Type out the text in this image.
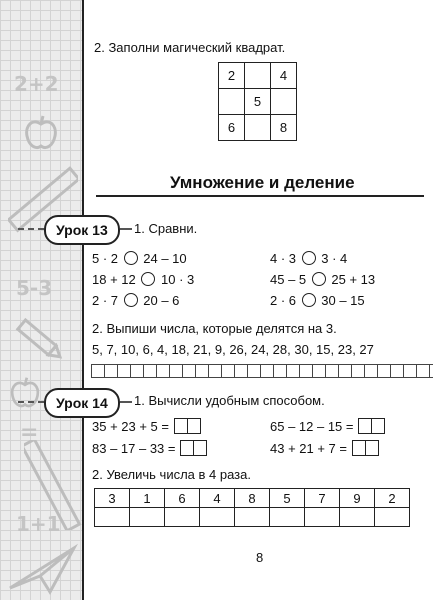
2+2
5-3
=
1+1
2. Заполни магический квадрат.
2		4
	5	
6		8
Умножение и деление
Урок 13	1. Сравни.
5 · 2 24 – 10
18 + 12 10 · 3
2 · 7 20 – 6
4 · 3 3 · 4
45 – 5 25 + 13
2 · 6 30 – 15
2. Выпиши числа, которые делятся на 3.
5, 7, 10, 6, 4, 18, 21, 9, 26, 24, 28, 30, 15, 23, 27
Урок 14	1. Вычисли удобным способом.
35 + 23 + 5 =
83 – 17 – 33 =
65 – 12 – 15 =
43 + 21 + 7 =
2. Увеличь числа в 4 раза.
3	1	6	4	8	5	7	9	2

8
